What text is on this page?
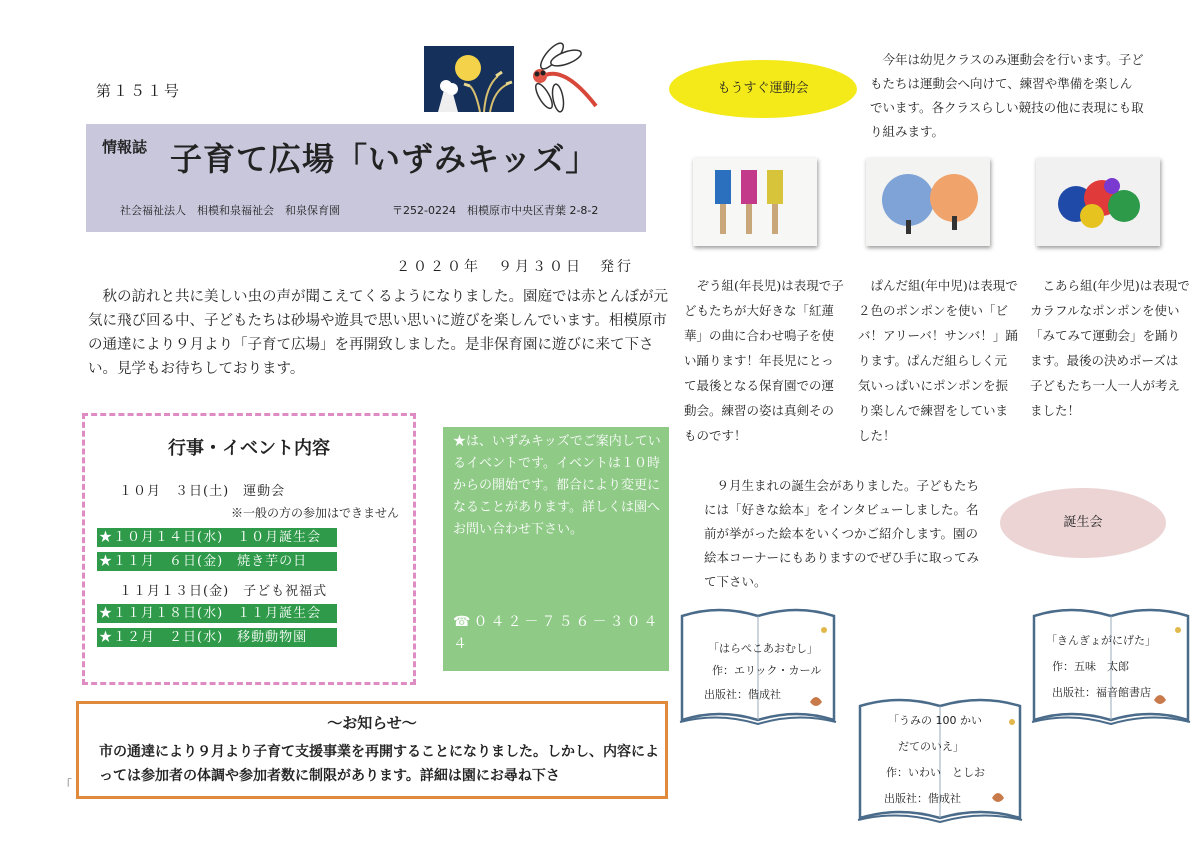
第１５１号
情報誌 子育て広場「いずみキッズ」
社会福祉法人　相模和泉福祉会　和泉保育園	〒252-0224　相模原市中央区青葉 2-8-2
２０２０年　９月３０日　発行
秋の訪れと共に美しい虫の声が聞こえてくるようになりました。園庭では赤とんぼが元気に飛び回る中、子どもたちは砂場や遊具で思い思いに遊びを楽しんでいます。相模原市の通達により９月より「子育て広場」を再開致しました。是非保育園に遊びに来て下さい。見学もお待ちしております。
行事・イベント内容
１０月　３日(土)　運動会
※一般の方の参加はできません
★１０月１４日(水)　１０月誕生会
★１１月　６日(金)　焼き芋の日
１１月１３日(金)　子ども祝福式
★１１月１８日(水)　１１月誕生会
★１２月　２日(水)　移動動物園

★は、いずみキッズでご案内しているイベントです。イベントは１０時からの開始です。都合により変更になることがあります。詳しくは園へお問い合わせ下さい。

☎０４２－７５６－３０４４
～お知らせ～
市の通達により９月より子育て支援事業を再開することになりました。しかし、内容によっては参加者の体調や参加者数に制限があります。詳細は園にお尋ね下さ
「
もうすぐ運動会
今年は幼児クラスのみ運動会を行います。子どもたちは運動会へ向けて、練習や準備を楽しんでいます。各クラスらしい競技の他に表現にも取り組みます。
ぞう組(年長児)は表現で子どもたちが大好きな「紅蓮華」の曲に合わせ鳴子を使い踊ります！年長児にとって最後となる保育園での運動会。練習の姿は真剣そのものです！
ぱんだ組(年中児)は表現で２色のポンポンを使い「ビバ！アリーバ！サンバ！」踊ります。ぱんだ組らしく元気いっぱいにポンポンを振り楽しんで練習をしていました！
こあら組(年少児)は表現でカラフルなポンポンを使い「みてみて運動会」を踊ります。最後の決めポーズは子どもたち一人一人が考えました！
９月生まれの誕生会がありました。子どもたちには「好きな絵本」をインタビューしました。名前が挙がった絵本をいくつかご紹介します。園の絵本コーナーにもありますのでぜひ手に取ってみて下さい。
誕生会
「はらぺこあおむし」
作：エリック・カール
出版社：偕成社
「うみの 100 かい
だてのいえ」
作：いわい　としお
出版社：偕成社
「きんぎょがにげた」
作：五味　太郎
出版社：福音館書店
